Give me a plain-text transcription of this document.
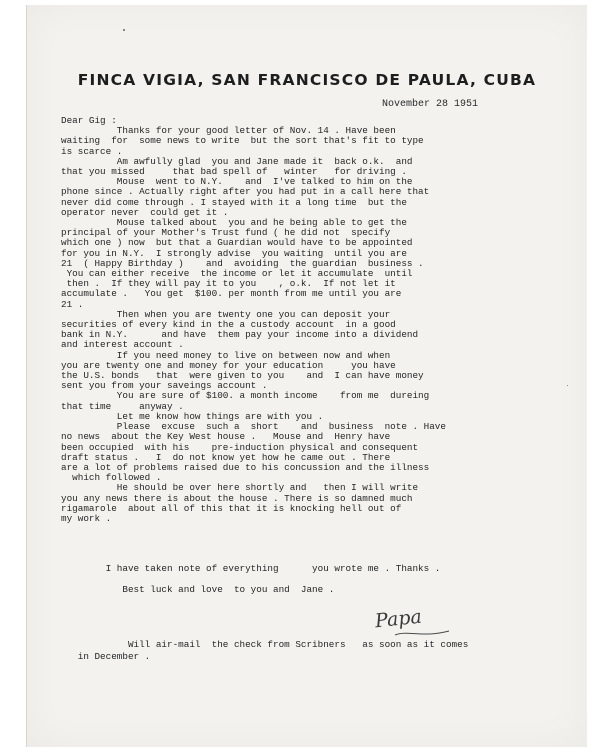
FINCA VIGIA, SAN FRANCISCO DE PAULA, CUBA
November 28 1951
Dear Gig :
Thanks for your good letter of Nov. 14 . Have been
waiting  for  some news to write  but the sort that's fit to type
is scarce .
Am awfully glad  you and Jane made it  back o.k.  and
that you missed     that bad spell of   winter   for driving .
Mouse  went to N.Y.    and  I've talked to him on the
phone since . Actually right after you had put in a call here that
never did come through . I stayed with it a long time  but the
operator never  could get it .
Mouse talked about  you and he being able to get the
principal of your Mother's Trust fund ( he did not  specify
which one ) now  but that a Guardian would have to be appointed
for you in N.Y.  I strongly advise  you waiting  until you are
21  ( Happy Birthday )    and  avoiding  the guardian  business .
You can either receive  the income or let it accumulate  until
then .  If they will pay it to you    , o.k.  If not let it
accumulate .   You get  $100. per month from me until you are
21 .
Then when you are twenty one you can deposit your
securities of every kind in the a custody account  in a good
bank in N.Y.      and have  them pay your income into a dividend
and interest account .
If you need money to live on between now and when
you are twenty one and money for your education     you have
the U.S. bonds   that  were given to you    and  I can have money
sent you from your saveings account .
You are sure of $100. a month income    from me  dureing
that time     anyway .
Let me know how things are with you .
Please  excuse  such a  short    and  business  note . Have
no news  about the Key West house .   Mouse and  Henry have
been occupied  with his    pre-induction physical and consequent
draft status .   I  do not know yet how he came out . There
are a lot of problems raised due to his concussion and the illness
which followed .
He should be over here shortly and   then I will write
you any news there is about the house . There is so damned much
rigamarole  about all of this that it is knocking hell out of
my work .
I have taken note of everything      you wrote me . Thanks .
Best luck and love  to you and  Jane .
Will air-mail  the check from Scribners   as soon as it comes
in December .
Papa
